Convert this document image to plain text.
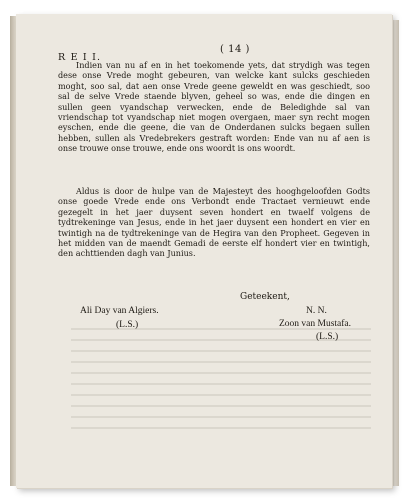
( 14 )
R E I I.
Indien van nu af en in het toekomende yets, dat strydigh was tegen dese onse Vrede moght gebeuren, van welcke kant sulcks geschieden moght, soo sal, dat aen onse Vrede geene geweldt en was geschiedt, soo sal de selve Vrede staende blyven, geheel so was, ende die dingen en sullen geen vyandschap verwecken, ende de Beledighde sal van vriendschap tot vyandschap niet mogen overgaen, maer syn recht mogen eyschen, ende die geene, die van de Onderdanen sulcks begaen sullen hebben, sullen als Vredebrekers gestraft worden: Ende van nu af aen is onse trouwe onse trouwe, ende ons woordt is ons woordt.
Aldus is door de hulpe van de Majesteyt des hooghgeloofden Godts onse goede Vrede ende ons Verbondt ende Tractaet vernieuwt ende gezegelt in het jaer duysent seven hondert en twaelf volgens de tydtrekeninge van Jesus, ende in het jaer duysent een hondert en vier en twintigh na de tydtrekeninge van de Hegira van den Propheet. Gegeven in het midden van de maendt Gemadi de eerste elf hondert vier en twintigh, den achttienden dagh van Junius.
Geteekent,
Ali Day van Algiers.
(L.S.)
N. N.
Zoon van Mustafa.
(L.S.)
